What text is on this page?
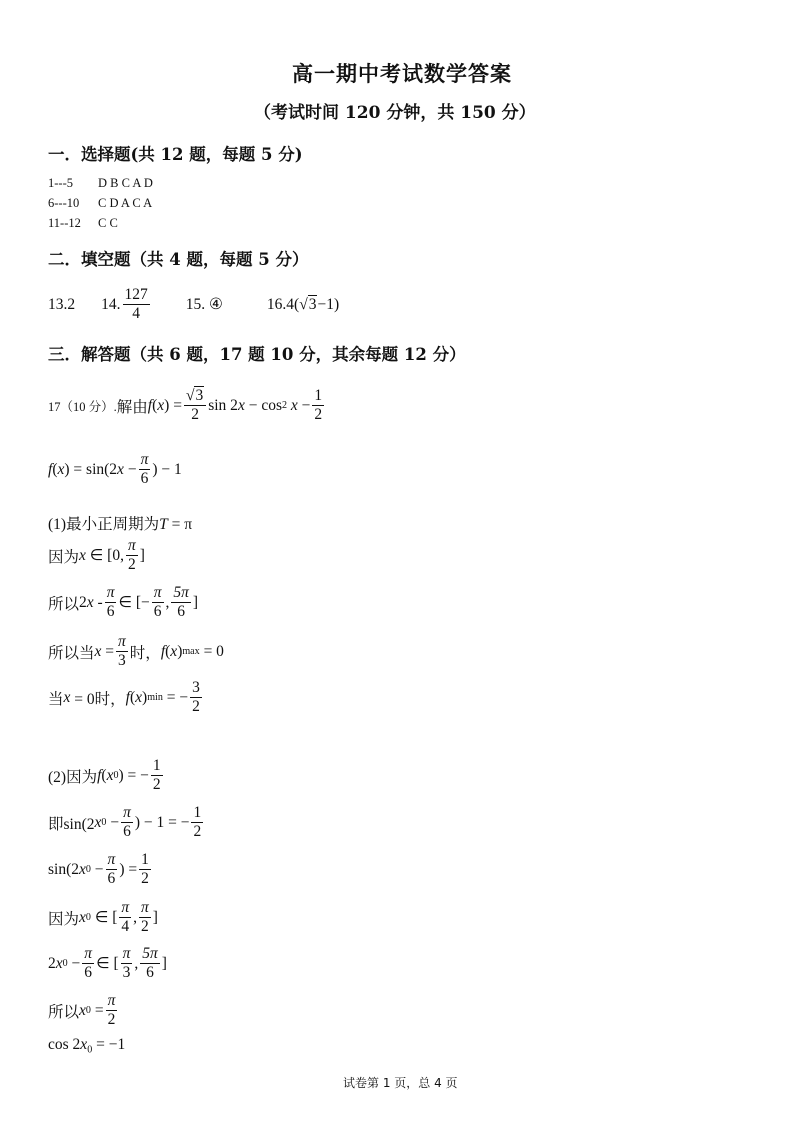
高一期中考试数学答案
（考试时间 120 分钟，共 150 分）
一．选择题(共 12 题，每题 5 分)
1---5 D B C A D
6---10 C D A C A
11--12 C C
二．填空题（共 4 题，每题 5 分）
13.2 14. $\frac{127}{4} 15$. ④	16.4(√3−1)
三．解答题（共 6 题，17 题 10 分，其余每题 12 分）
17（10 分）. 解由 f ( x ) = $\frac{√3}{2}$ sin 2 x
−
cos 2
x
− $\frac{1}{2}$
f ( x ) = sin(2 x
− $\frac{\pi}{6}$ ) − 1
(1)最小正周期为T = π
因为 x
∈ [0, $\frac{\pi}{2}$ ]
所以 2 x - $\frac{\pi}{6}$ ∈ [− $\frac{\pi}{6}$ , $\frac{5\pi}{6}$ ]
所以当 x
= $\frac{\pi}{3}$ 时， f ( x ) max
= 0
当 x
= 0时， f ( x ) min
= − $\frac{3}{2}$
(2)因为 f ( x 0 ) = − $\frac{1}{2}$
即sin(2 x 0
− $\frac{\pi}{6}$ ) − 1 = − $\frac{1}{2}$
sin(2 x 0
− $\frac{\pi}{6}$ )
= $\frac{1}{2}$
因为 x 0
∈ [ $\frac{\pi}{4}$ , $\frac{\pi}{2}$ ]
2 x 0
− $\frac{\pi}{6}$ ∈ [ $\frac{\pi}{3}$ , $\frac{5\pi}{6}$ ]
所以 x 0
= $\frac{\pi}{2}$
$\cos 2x_0 = -1$
试卷第 1 页，总 4 页
